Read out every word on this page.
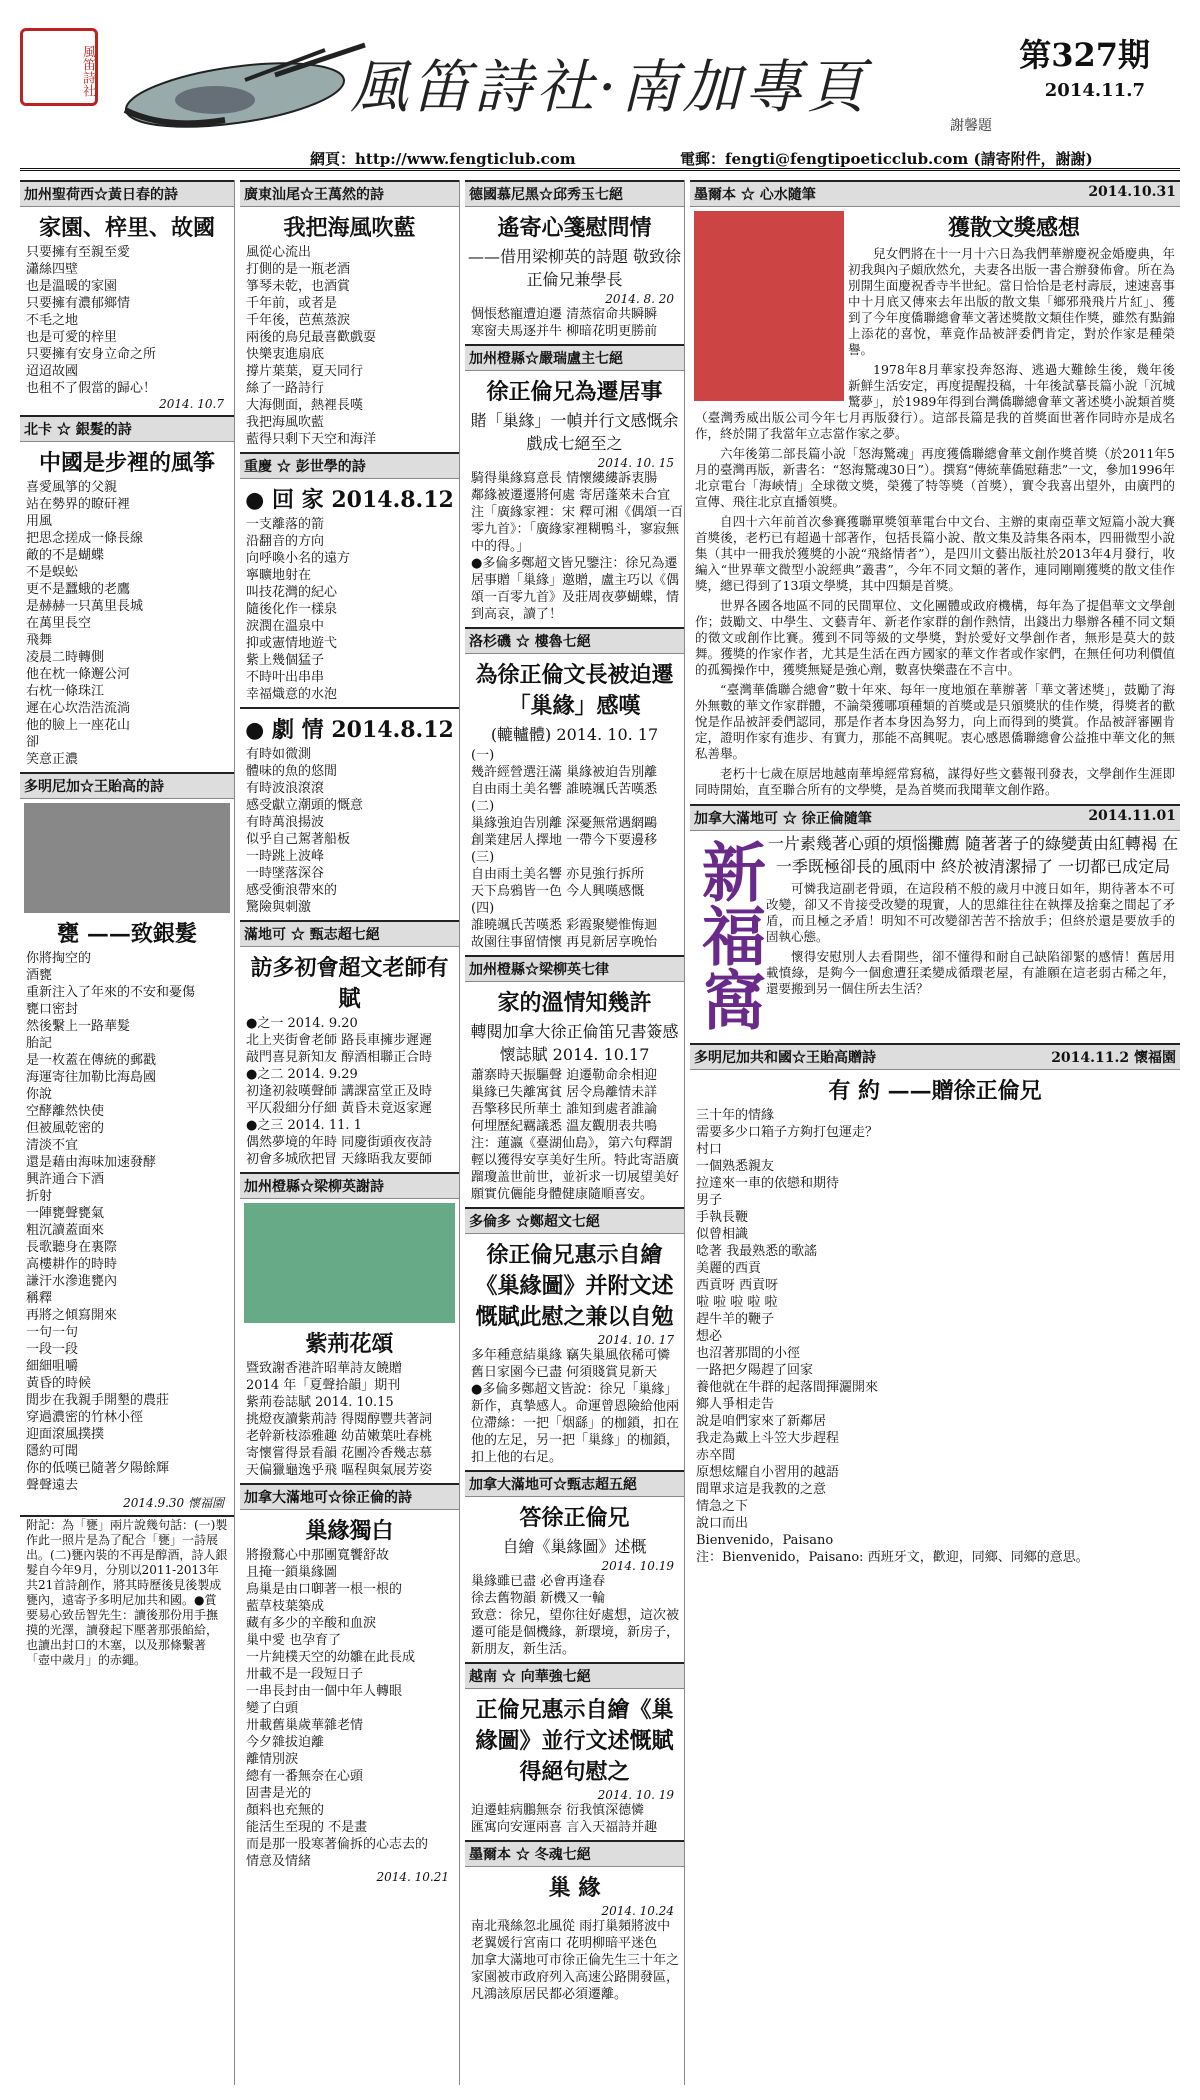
風笛詩社	風笛詩社·南加專頁
謝馨題
第327期
2014.11.7
網頁：http://www.fengticlub.com	電郵：fengti@fengtipoeticclub.com (請寄附件，謝謝)
加州聖荷西☆黃日春的詩
家園、梓里、故國
只要擁有至親至愛
瀟絲四壁
也是溫暖的家園
只要擁有濃郁鄉情
不毛之地
也是可愛的梓里
只要擁有安身立命之所
迢迢故國
也租不了假當的歸心！
2014. 10.7
北卡 ☆ 銀髮的詩
中國是步裡的風筝
喜愛風箏的父親
站在勢界的瞭矸裡
用風
把思念搓成一條長線
敵的不是蝴蝶
不是蜈蚣
更不是蠶蛾的老鷹
是赫赫一只萬里長城
在萬里長空
飛舞
凌晨二時轉側
他在枕一條邂公河
右枕一條珠江
遲在心坎浩浩流淌
他的臉上一座花山
卻
笑意正濃
多明尼加☆王貽高的詩
甕 ——致銀髮
你將掏空的
酒甕
重新注入了年來的不安和憂傷
甕口密封
然後繫上一路華髮
胎記
是一枚蓋在傳統的郵戳
海運寄往加勒比海島國
你說
空酵離然快使
但被風乾密的
清淡不宜
還是藉由海味加速發酵
興許通合下酒
折射
一陣甕聲甕氣
粗沉讀蓋面來
長歌聽身在裏際
高樓耕作的時時
謙汗水滲進甕內
稱釋
再將之傾寫開來
一句一句
一段一段
細細咀嚼
黃昏的時候
閒步在我親手開墾的農莊
穿過濃密的竹林小徑
迎面滾風撲撲
隱約可聞
你的低嘆已隨著夕陽餘輝
聲聲遠去
2014.9.30 懷福園
附記：為「甕」兩片說幾句話：(一)製作此一照片是為了配合「甕」一詩展出。(二)甕內裝的不再是醇酒，詩人銀髮自今年9月，分別以2011-2013年共21首詩創作，將其時歷後見後製成甕內，遠寄予多明尼加共和國。●賞要易心致岳智先生：讀後那份用手撫摸的光澤，讀發起下壓著那張餡給，也讀出封口的木塞，以及那條繫著「壺中歲月」的赤繩。
廣東汕尾☆王萬然的詩
我把海風吹藍
風從心流出
打側的是一瓶老酒
箏琴未乾，也酒賞
千年前，或者是
千年後，芭蕉蒸淚
兩後的鳥兒最喜歡戲耍
快樂衷進扇底
撐片葉葉，夏天同行
絲了一路詩行
大海側面，熱裡長嘆
我把海風吹藍
藍得只剩下天空和海洋
重慶 ☆ 彭世學的詩
● 回 家 2014.8.12
一支離落的箭
沿翻音的方向
向呼喚小名的遠方
寧曠地射在
叫技花灣的紀心
隨後化作一樣泉
淚潤在溫泉中
抑或憲情地遊弋
紫上幾個猛子
不時叶出串串
幸福熾意的水泡
● 劇 情 2014.8.12
有時如微測
體味的魚的悠閒
有時波浪滾滾
感受獻立潮頭的慨意
有時萬浪揚波
似乎自己駕著船板
一時跳上波峰
一時墜落深谷
感受衝浪帶來的
驚險與刺激
滿地可 ☆ 甄志超七絕
訪多初會超文老師有賦
●之一 2014. 9.20
北上夹街會老師 路長車擁步遲遲
敲門喜見新知友 醇酒相聯正合時
●之二 2014. 9.29
初逢初敍嘆聲師 講課富堂正及時
平仄殺細分仔細 黃昏未竟返家遲
●之三 2014. 11. 1
偶然夢境的年時 同慶街頭夜夜詩
初會多城欣把冒 天緣晤我友要師
加州橙縣☆梁柳英謝詩
紫荊花頌
暨致謝香港許昭華詩友饒贈
2014 年「夏聲拾韻」期刊
紫荊卷誌賦 2014. 10.15
挑燈夜讀紫荊詩 得閱醇豐共著詞
老幹新枝添雅趣 幼苗嫩葉吐春桃
寄懷嘗得景看韻 花團冷香幾志慕
天偏獵龜逸乎飛 嘔程與氣展芳姿
加拿大滿地可☆徐正倫的詩
巢緣獨白
將撥鶩心中那團寬饗舒故
且掩一鎖巢緣圖
鳥巢是由口啣著一根一根的
藍草枝葉築成
藏有多少的辛酸和血淚
巢中愛 也孕育了
一片純樸天空的幼雛在此長成
卅載不是一段短日子
一串長封由一個中年人轉眼
變了白頭
卅載舊巢歲華雜老情
今夕雜拔迫離
離情別淚
總有一番無奈在心頭
固書是光的
顏料也充無的
能活生至現的 不是畫
而是那一股寒著倫拆的心志去的
情意及情緒
2014. 10.21
德國慕尼黑☆邱秀玉七絕
遙寄心箋慰問情
——借用梁柳英的詩題 敬致徐正倫兄兼學長
2014. 8. 20
惆悵愁寵遭迫遷 清蒸宿命共瞬瞬
寒窗夫馬逐并牛 柳暗花明更勝前
加州橙縣☆嚴瑞盧主七絕
徐正倫兄為遷居事
賭「巢緣」一幀并行文感慨余戲成七絕至之
2014. 10. 15
騎得巢緣寫意長 情懷縷縷訴衷腸
鄰緣被遷遷將何處 寄居蓬萊未合宜
注「廣緣家裡：宋 釋可湘《偶頌一百零九首》：「廣緣家裡糊鴨斗，寥寂無中的得。」
●多倫多鄭超文皆兄鑒注：徐兄為遷居事贈「巢緣」邀贈，盧主巧以《偶頌一百零九首》及莊周夜夢蝴蝶，情到高哀，讀了！
洛杉磯 ☆ 樓魯七絕
為徐正倫文長被迫遷「巢緣」感嘆
(轆轤體) 2014. 10. 17
(一)
幾許經營選汪滿 巢緣被迫告別離
自由雨土美名響 誰曉颯氏苦嘆悉
(二)
巢緣強迫告別離 深憂無常遇網鷗
創業建居人擇地 一帶今下要邊移
(三)
自由雨土美名響 亦見強行拆所
天下烏鴉皆一色 今人興嘆感慨
(四)
誰曉颯氏苦嘆悉 彩霞聚變惟悔迴
故園往事留情懷 再見新居享晚怡
加州橙縣☆梁柳英七律
家的溫情知幾許
轉閱加拿大徐正倫笛兄書簽感懷誌賦 2014. 10.17
蕭寨時天振驅聲 迫遷勒命余相迎
巢緣已失離寓貧 居令鳥離情未詳
吾擎移民所華土 誰知到處者誰論
何埋歷紀覊議悉 溫友觀朋表共鳴
注：蓮瀛《臺湖仙島》，第六句釋謂輕以獲得安享美好生所。特此寄語廣蹓瓊盖世前世，並祈求一切展望美好願實伉儷能身體健康隨順喜安。
多倫多 ☆鄭超文七絕
徐正倫兄惠示自繪《巢緣圖》并附文述慨賦此慰之兼以自勉
2014. 10. 17
多年種意結巢緣 竊失巢風依稀可憐
舊日家園今已盡 何須賤賞見新天
●多倫多鄭超文皆說：徐兄「巢緣」新作，真摯感人。命運曾恩險給他兩位滯絲：一把「烟繇」的枷鎖，扣在他的左足，另一把「巢緣」的枷鎖，扣上他的右足。
加拿大滿地可☆甄志超五絕
答徐正倫兄
自繪《巢緣圖》述概
2014. 10.19
巢緣雖已盡 必會再逢春
徐去舊物韻 新機又一輪
致意：徐兄，望你往好處想，這次被遷可能是個機緣，新環境，新房子，新朋友，新生活。
越南 ☆ 向華強七絕
正倫兄惠示自繪《巢緣圖》並行文述慨賦得絕句慰之
2014. 10. 19
迫遷蛙病鵬無奈 衍我慎深德憐
匯寓向安運兩喜 言入天福詩并趣
墨爾本 ☆ 冬魂七絕
巢 緣
2014. 10.24
南北飛絲忽北風從 雨打巢頻將波中
老翼媛行宮南口 花明柳暗平迷色
加拿大滿地可市徐正倫先生三十年之家園被市政府列入高速公路開發區，凡鴻該原居民都必須遷離。
墨爾本 ☆ 心水隨筆	2014.10.31
獲散文獎感想
兒女們將在十一月十六日為我們華辦慶祝金婚慶典，年初我與內子頗欣然允，夫妻各出版一書合辦發佈會。所在為別開生面慶祝香寺半世紀。當日恰恰是老村壽辰，速速喜事中十月底又傳來去年出版的散文集「鄉邪飛飛片片紅」、獲到了今年度僑聯總會華文著述獎散文類佳作獎，雖然有點錦上添花的喜悅，華竟作品被評委們肯定，對於作家是種榮譽。
1978年8月華家投奔怒海、逃過大難餘生後，幾年後新鮮生活安定，再度提醒投稿，十年後試摹長篇小說「沉城驚夢」，於1989年得到台灣僑聯總會華文著述獎小說類首獎（臺灣秀威出版公司今年七月再版發行）。這部長篇是我的首獎面世著作同時亦是成名作，終於開了我當年立志當作家之夢。
六年後第二部長篇小說「怒海驚魂」再度獲僑聯總會華文創作獎首獎（於2011年5月的臺灣再版，新書名：“怒海驚魂30日”）。撰寫“傳統華僑慰藉悲”一文，參加1996年北京電台「海峽情」全球徵文獎，榮獲了特等獎（首獎），實令我喜出望外，由廣門的宣傳、飛往北京直播領獎。
自四十六年前首次參賽獲聯單獎領華電台中文台、主辦的東南亞華文短篇小說大賽首獎後，老朽已有超過十部著作，包括長篇小說、散文集及詩集各兩本，四冊微型小說集（其中一冊我於獲獎的小說“飛絡情者”），是四川文藝出版社於2013年4月發行，收編入“世界華文微型小說經典”叢書”，今年不同文類的著作，連同剛剛獲獎的散文佳作獎，總已得到了13項文學獎，其中四類是首獎。
世界各國各地區不同的民間單位、文化團體或政府機構，每年為了提倡華文文學創作；鼓勵文、中學生、文藝青年、新老作家群的創作熱情，出錢出力舉辦各種不同文類的徵文或創作比賽。獲到不同等級的文學獎，對於愛好文學創作者，無形是莫大的鼓舞。獲獎的作家作者，尤其是生活在西方國家的華文作者或作家們，在無任何功利價值的孤獨操作中，獲獎無疑是強心劑，數喜快樂盡在不言中。
“臺灣華僑聯合總會”數十年來、每年一度地頒在華辦著「華文著述獎」，鼓勵了海外無數的華文作家群體，不論榮獲哪項種類的首獎或是只頒獎狀的佳作獎，得獎者的歡悅是作品被評委們認同，那是作者本身因為努力，向上而得到的奬賞。作品被評審團肯定，證明作家有進步、有實力，那能不高興呢。衷心感恩僑聯總會公益推中華文化的無私善舉。
老朽十七歲在原居地越南華埠經常寫稿，謀得好些文藝報刊發表，文學創作生涯即同時開始，直至聯合所有的文學獎，是為首獎而我聞華文創作路。
加拿大滿地可 ☆ 徐正倫隨筆	2014.11.01
新福窩 一片素幾著心頭的煩惱攤薦 隨著著子的綠變黃由紅轉褐 在一季既極卻長的風雨中 終於被清潔掃了 一切都已成定局
可憐我這副老骨頭，在這段稍不般的歲月中渡日如年，期待著本不可改變，卻又不肯接受改變的現實，人的思維往往在執擇及捨棄之間起了矛盾，而且極之矛盾！明知不可改變卻苦苦不捨放手；但終於還是要放手的固執心態。
懷得安慰別人去看開些，卻不懂得和耐自己缺陷卻緊的感情！舊居用載憤綠，是夠今一個愈遭狂柔變成循環老屋，有誰願在這老弱古稀之年，還要搬到另一個住所去生活？
多明尼加共和國☆王貽高贈詩	2014.11.2 懷福園
有 約 ——贈徐正倫兄
三十年的情緣
需要多少口箱子方夠打包運走？
村口
一個熟悉親友
拉達來一車的依戀和期待
男子
手執長鞭
似曾相識
唸著 我最熟悉的歌謠
美麗的西貢
西貢呀 西貢呀
啦 啦 啦 啦 啦
趕牛羊的鞭子
想必
也沼著那間的小徑
一路把夕陽趕了回家
養他就在牛群的起落間揮灑開來
鄉人爭相走告
說是咱們家來了新鄰居
我走為戴上斗笠大步趕程
赤卒間
原想炫耀自小習用的越語
間單求這是我教的之意
情急之下
說口而出
Bienvenido，Paisano
注：Bienvenido，Paisano: 西班牙文，歡迎，同鄉、同鄉的意思。
